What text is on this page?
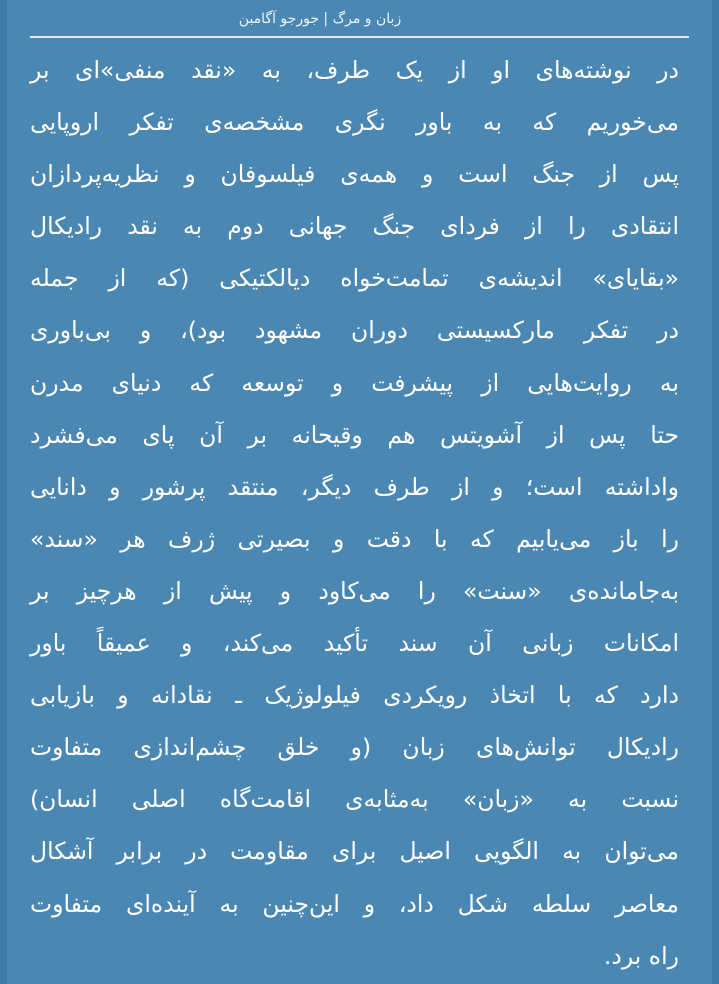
زبان و مرگ | جورجو آگامبن
در نوشته‌های او از یک طرف، به «نقد منفی»ای بر
می‌خوریم که به باور نگری مشخصه‌ی تفکر اروپایی
پس از جنگ است و همه‌ی فیلسوفان و نظریه‌پردازان
انتقادی را از فردای جنگ جهانی دوم به نقد رادیکال
«بقایای» اندیشه‌ی تمامت‌خواه دیالکتیکی (که از جمله
در تفکر مارکسیستی دوران مشهود بود)، و بی‌باوری
به روایت‌هایی از پیشرفت و توسعه که دنیای مدرن
حتا پس از آشویتس هم وقیحانه بر آن پای می‌فشرد
واداشته است؛ و از طرف دیگر، منتقد پرشور و دانایی
را باز می‌یابیم که با دقت و بصیرتی ژرف هر «سند»
به‌جامانده‌ی «سنت» را می‌کاود و پیش از هرچیز بر
امکانات زبانی آن سند تأکید می‌کند، و عمیقاً باور
دارد که با اتخاذ رویکردی فیلولوژیک ـ نقادانه و بازیابی
رادیکال توانش‌های زبان (و خلق چشم‌اندازی متفاوت
نسبت به «زبان» به‌مثابه‌ی اقامت‌گاه اصلی انسان)
می‌توان به الگویی اصیل برای مقاومت در برابر آشکال
معاصر سلطه شکل داد، و این‌چنین به آینده‌ای متفاوت
راه برد.
